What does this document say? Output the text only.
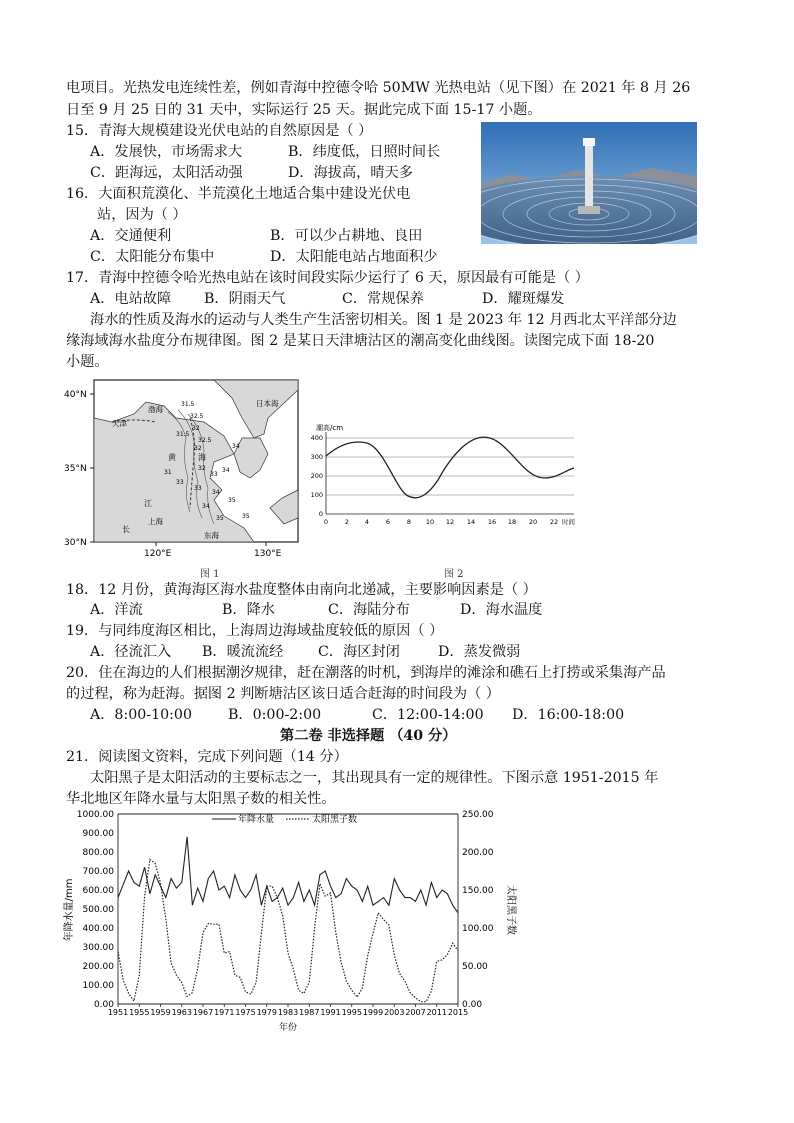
电项目。光热发电连续性差，例如青海中控德令哈 50MW 光热电站（见下图）在 2021 年 8 月 26
日至 9 月 25 日的 31 天中，实际运行 25 天。据此完成下面 15-17 小题。
15．青海大规模建设光伏电站的自然原因是（ ）
A．发展快，市场需求大	B．纬度低，日照时间长
C．距海远，太阳活动强	D．海拔高，晴天多
16．大面积荒漠化、半荒漠化土地适合集中建设光伏电
站，因为（ ）
A．交通便利	B．可以少占耕地、良田
C．太阳能分布集中	D．太阳能电站占地面积少
17．青海中控德令哈光热电站在该时间段实际少运行了 6 天，原因最有可能是（ ）
A．电站故障 B．阴雨天气	C．常规保养	D．耀斑爆发
海水的性质及海水的运动与人类生产生活密切相关。图 1 是 2023 年 12 月西北太平洋部分边
缘海域海水盐度分布规律图。图 2 是某日天津塘沽区的潮高变化曲线图。读图完成下面 18-20
小题。
40°N
35°N
30°N
120°E	130°E
渤海
天津
黄	海
江
长
上海
东海
日本海
31.5
32.5
32
31.5
32.5
32
31
32
33
33
33
34
34
34
35
34
35	35
图 1
潮高/cm
0
100
200
300
400
0	2 4	6	8 10 12 14 16 18 20 22 时间
图 2
18．12 月份，黄海海区海水盐度整体由南向北递减，主要影响因素是（ ）
A．洋流	B．降水	C．海陆分布	D．海水温度
19．与同纬度海区相比，上海周边海域盐度较低的原因（ ）
A．径流汇入 B．暖流流经 C．海区封闭	D．蒸发微弱
20．住在海边的人们根据潮汐规律，赶在潮落的时机，到海岸的滩涂和礁石上打捞或采集海产品
的过程，称为赶海。据图 2 判断塘沽区该日适合赶海的时间段为（ ）
A．8:00-10:00	B．0:00-2:00	C．12:00-14:00 D．16:00-18:00
第二卷 非选择题 （40 分）
21．阅读图文资料，完成下列问题（14 分）
太阳黑子是太阳活动的主要标志之一，其出现具有一定的规律性。下图示意 1951-2015 年
华北地区年降水量与太阳黑子数的相关性。
0.00
100.00
200.00
300.00
400.00
500.00
600.00
700.00
800.00
900.00
1000.00
0.00
50.00
100.00
150.00
200.00
250.00
1951 1955 1959 1963 1967 1971 1975 1979 1983 1987 1991 1995 1999 2003 2007 2011 2015
年降水量	太阳黑子数
年降水量/mm	太阳黑子数
年份
